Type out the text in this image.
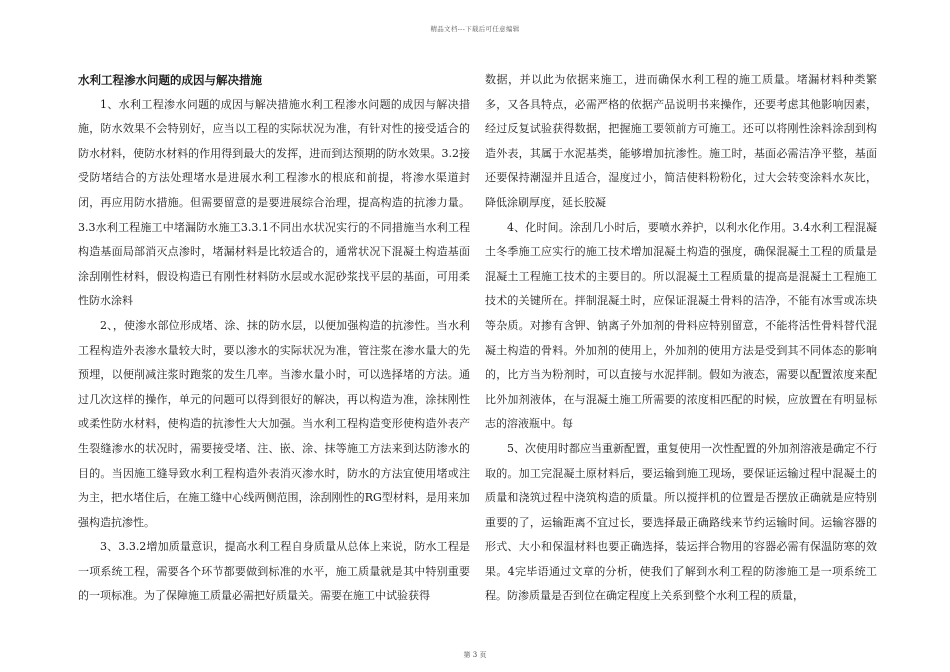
精品文档---下载后可任意编辑

水利工程渗水问题的成因与解决措施

1、水利工程渗水问题的成因与解决措施水利工程渗水问题的成因与解决措施，防水效果不会特别好，应当以工程的实际状况为准，有针对性的接受适合的防水材料，使防水材料的作用得到最大的发挥，进而到达预期的防水效果。3.2接受防堵结合的方法处理堵水是进展水利工程渗水的根底和前提，将渗水渠道封闭，再应用防水措施。但需要留意的是要进展综合治理，提高构造的抗渗力量。3.3水利工程施工中堵漏防水施工3.3.1不同出水状况实行的不同措施当水利工程构造基面局部消灭点渗时，堵漏材料是比较适合的，通常状况下混凝土构造基面涂刮刚性材料，假设构造已有刚性材料防水层或水泥砂浆找平层的基面，可用柔性防水涂料

2、，使渗水部位形成堵、涂、抹的防水层，以便加强构造的抗渗性。当水利工程构造外表渗水量较大时，要以渗水的实际状况为准，管注浆在渗水量大的先预埋，以便削减注浆时跑浆的发生几率。当渗水量小时，可以选择堵的方法。通过几次这样的操作，单元的问题可以得到很好的解决，再以构造为准，涂抹刚性或柔性防水材料，使构造的抗渗性大大加强。当水利工程构造变形使构造外表产生裂缝渗水的状况时，需要接受堵、注、嵌、涂、抹等施工方法来到达防渗水的目的。当因施工缝导致水利工程构造外表消灭渗水时，防水的方法宜使用堵或注为主，把水堵住后，在施工缝中心线两侧范围，涂刮刚性的RG型材料，是用来加强构造抗渗性。

3、3.3.2增加质量意识，提高水利工程自身质量从总体上来说，防水工程是一项系统工程，需要各个环节都要做到标准的水平，施工质量就是其中特别重要的一项标准。为了保障施工质量必需把好质量关。需要在施工中试验获得

数据，并以此为依据来施工，进而确保水利工程的施工质量。堵漏材料种类繁多，又各具特点，必需严格的依据产品说明书来操作，还要考虑其他影响因素，经过反复试验获得数据，把握施工要领前方可施工。还可以将刚性涂料涂刮到构造外表，其属于水泥基类，能够增加抗渗性。施工时，基面必需洁净平整，基面还要保持潮湿并且适合，湿度过小，简洁使料粉粉化，过大会转变涂料水灰比，降低涂刷厚度，延长胶凝

4、化时间。涂刮几小时后，要喷水养护，以利水化作用。3.4水利工程混凝土冬季施工应实行的施工技术增加混凝土构造的强度，确保混凝土工程的质量是混凝土工程施工技术的主要目的。所以混凝土工程质量的提高是混凝土工程施工技术的关键所在。拌制混凝土时，应保证混凝土骨料的洁净，不能有冰雪或冻块等杂质。对掺有含钾、钠离子外加剂的骨料应特别留意，不能将活性骨料替代混凝土构造的骨料。外加剂的使用上，外加剂的使用方法是受到其不同体态的影响的，比方当为粉剂时，可以直接与水泥拌制。假如为液态，需要以配置浓度来配比外加剂液体，在与混凝土施工所需要的浓度相匹配的时候，应放置在有明显标志的溶液瓶中。每

5、次使用时都应当重新配置，重复使用一次性配置的外加剂溶液是确定不行取的。加工完混凝土原材料后，要运输到施工现场，要保证运输过程中混凝土的质量和浇筑过程中浇筑构造的质量。所以搅拌机的位置是否摆放正确就是应特别重要的了，运输距离不宜过长，要选择最正确路线来节约运输时间。运输容器的形式、大小和保温材料也要正确选择，装运拌合物用的容器必需有保温防寒的效果。4完毕语通过文章的分析，使我们了解到水利工程的防渗施工是一项系统工程。防渗质量是否到位在确定程度上关系到整个水利工程的质量，

第 3 页
